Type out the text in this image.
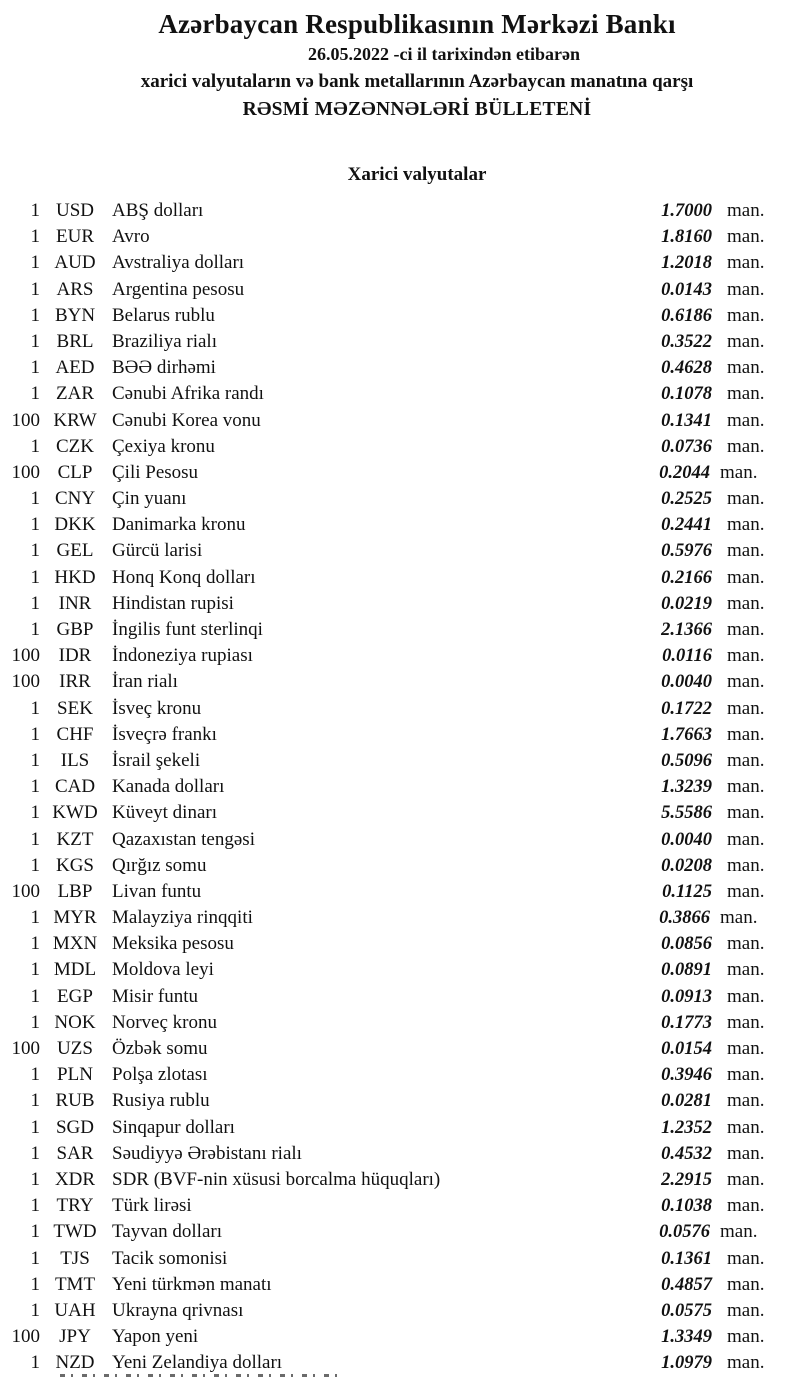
Azərbaycan Respublikasının Mərkəzi Bankı
26.05.2022 -ci il tarixindən etibarən
xarici valyutaların və bank metallarının Azərbaycan manatına qarşı
RƏSMİ MƏZƏNNƏLƏRİ BÜLLETENİ
Xarici valyutalar
1 USD ABŞ dolları	1.7000 man.
1 EUR Avro	1.8160 man.
1 AUD Avstraliya dolları	1.2018 man.
1 ARS Argentina pesosu	0.0143 man.
1 BYN Belarus rublu	0.6186 man.
1 BRL Braziliya rialı	0.3522 man.
1 AED BƏƏ dirhəmi	0.4628 man.
1 ZAR Cənubi Afrika randı	0.1078 man.
100 KRW Cənubi Korea vonu	0.1341 man.
1 CZK Çexiya kronu	0.0736 man.
100 CLP	Çili Pesosu	0.2044 man.
1 CNY Çin yuanı	0.2525 man.
1 DKK Danimarka kronu	0.2441 man.
1 GEL Gürcü larisi	0.5976 man.
1 HKD Honq Konq dolları	0.2166 man.
1 INR	Hindistan rupisi	0.0219 man.
1 GBP İngilis funt sterlinqi	2.1366 man.
100 IDR	İndoneziya rupiası	0.0116 man.
100	IRR	İran rialı	0.0040 man.
1 SEK	İsveç kronu	0.1722 man.
1 CHF İsveçrə frankı	1.7663 man.
1	ILS	İsrail şekeli	0.5096 man.
1 CAD Kanada dolları	1.3239 man.
1 KWD Küveyt dinarı	5.5586 man.
1 KZT Qazaxıstan tengəsi	0.0040 man.
1 KGS Qırğız somu	0.0208 man.
100 LBP	Livan funtu	0.1125 man.
1 MYR Malayziya rinqqiti	0.3866 man.
1 MXN Meksika pesosu	0.0856 man.
1 MDL Moldova leyi	0.0891 man.
1 EGP	Misir funtu	0.0913 man.
1 NOK Norveç kronu	0.1773 man.
100 UZS	Özbək somu	0.0154 man.
1 PLN	Polşa zlotası	0.3946 man.
1 RUB Rusiya rublu	0.0281 man.
1 SGD Sinqapur dolları	1.2352 man.
1 SAR Səudiyyə Ərəbistanı rialı	0.4532 man.
1 XDR SDR (BVF-nin xüsusi borcalma hüquqları)	2.2915 man.
1 TRY Türk lirəsi	0.1038 man.
1 TWD Tayvan dolları	0.0576 man.
1	TJS	Tacik somonisi	0.1361 man.
1 TMT Yeni türkmən manatı	0.4857 man.
1 UAH Ukrayna qrivnası	0.0575 man.
100	JPY	Yapon yeni	1.3349 man.
1 NZD Yeni Zelandiya dolları	1.0979 man.
